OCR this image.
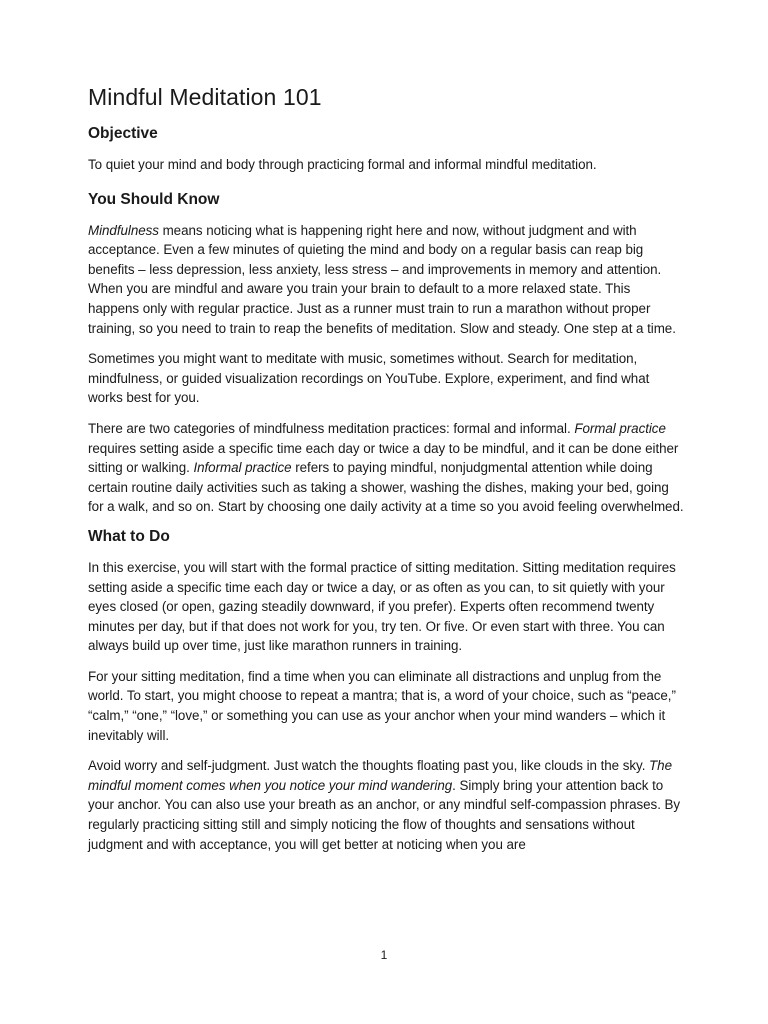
Mindful Meditation 101
Objective

To quiet your mind and body through practicing formal and informal mindful meditation.

You Should Know

Mindfulness means noticing what is happening right here and now, without judgment and with acceptance. Even a few minutes of quieting the mind and body on a regular basis can reap big benefits – less depression, less anxiety, less stress – and improvements in memory and attention. When you are mindful and aware you train your brain to default to a more relaxed state. This happens only with regular practice. Just as a runner must train to run a marathon without proper training, so you need to train to reap the benefits of meditation. Slow and steady. One step at a time.

Sometimes you might want to meditate with music, sometimes without. Search for meditation, mindfulness, or guided visualization recordings on YouTube. Explore, experiment, and find what works best for you.

There are two categories of mindfulness meditation practices: formal and informal. Formal practice requires setting aside a specific time each day or twice a day to be mindful, and it can be done either sitting or walking. Informal practice refers to paying mindful, nonjudgmental attention while doing certain routine daily activities such as taking a shower, washing the dishes, making your bed, going for a walk, and so on. Start by choosing one daily activity at a time so you avoid feeling overwhelmed.

What to Do

In this exercise, you will start with the formal practice of sitting meditation. Sitting meditation requires setting aside a specific time each day or twice a day, or as often as you can, to sit quietly with your eyes closed (or open, gazing steadily downward, if you prefer). Experts often recommend twenty minutes per day, but if that does not work for you, try ten. Or five. Or even start with three. You can always build up over time, just like marathon runners in training.

For your sitting meditation, find a time when you can eliminate all distractions and unplug from the world. To start, you might choose to repeat a mantra; that is, a word of your choice, such as “peace,” “calm,” “one,” “love,” or something you can use as your anchor when your mind wanders – which it inevitably will.

Avoid worry and self-judgment. Just watch the thoughts floating past you, like clouds in the sky. The mindful moment comes when you notice your mind wandering. Simply bring your attention back to your anchor. You can also use your breath as an anchor, or any mindful self-compassion phrases. By regularly practicing sitting still and simply noticing the flow of thoughts and sensations without judgment and with acceptance, you will get better at noticing when you are

1
